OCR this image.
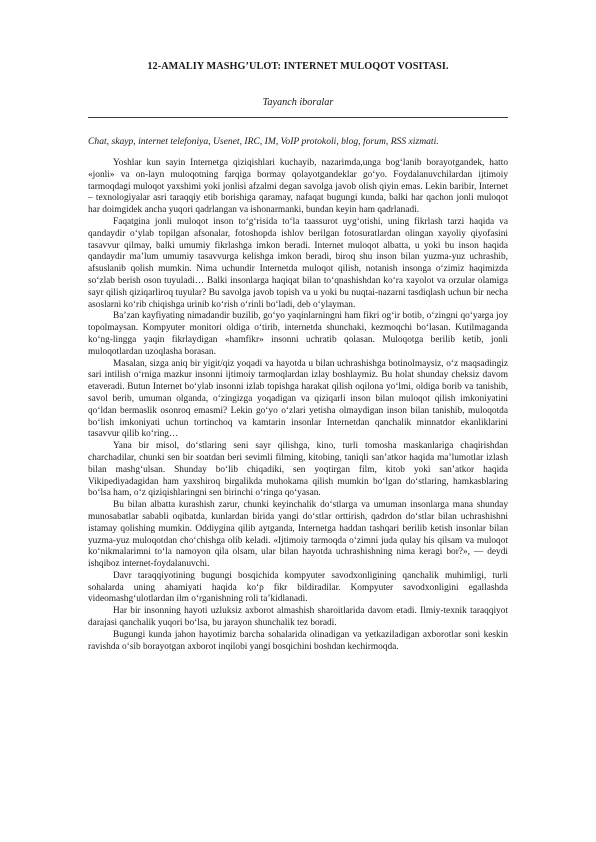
12-AMALIY MASHG’ULOT: INTERNET MULOQOT VOSITASI.
Tayanch iboralar
Chat, skayp, internet telefoniya, Usenet, IRC, IM, VoIP protokoli, blog, forum, RSS xizmati.

Yoshlar kun sayin Internetga qiziqishlari kuchayib, nazarimda,unga bog‘lanib borayotgandek, hatto «jonli» va on-layn muloqotning farqiga bormay qolayotgandeklar go‘yo. Foydalanuvchilardan ijtimoiy tarmoqdagi muloqot yaxshimi yoki jonlisi afzalmi degan savolga javob olish qiyin emas. Lekin baribir, Internet – texnologiyalar asri taraqqiy etib borishiga qaramay, nafaqat bugungi kunda, balki har qachon jonli muloqot har doimgidek ancha yuqori qadrlangan va ishonarmanki, bundan keyin ham qadrlanadi.

Faqatgina jonli muloqot inson to‘g‘risida to‘la taassurot uyg‘otishi, uning fikrlash tarzi haqida va qandaydir o‘ylab topilgan afsonalar, fotoshopda ishlov berilgan fotosuratlardan olingan xayoliy qiyofasini tasavvur qilmay, balki umumiy fikrlashga imkon beradi. Internet muloqot albatta, u yoki bu inson haqida qandaydir ma’lum umumiy tasavvurga kelishga imkon beradi, biroq shu inson bilan yuzma-yuz uchrashib, afsuslanib qolish mumkin. Nima uchundir Internetda muloqot qilish, notanish insonga o‘zimiz haqimizda so‘zlab berish oson tuyuladi… Balki insonlarga haqiqat bilan to‘qnashishdan ko‘ra xayolot va orzular olamiga sayr qilish qiziqarliroq tuyular? Bu savolga javob topish va u yoki bu nuqtai-nazarni tasdiqlash uchun bir necha asoslarni ko‘rib chiqishga urinib ko‘rish o‘rinli bo‘ladi, deb o‘ylayman.

Ba’zan kayfiyating nimadandir buzilib, go‘yo yaqinlarningni ham fikri og‘ir botib, o‘zingni qo‘yarga joy topolmaysan. Kompyuter monitori oldiga o‘tirib, internetda shunchaki, kezmoqchi bo‘lasan. Kutilmaganda ko‘ng-lingga yaqin fikrlaydigan «hamfikr» insonni uchratib qolasan. Muloqotga berilib ketib, jonli muloqotlardan uzoqlasha borasan.

Masalan, sizga aniq bir yigit/qiz yoqadi va hayotda u bilan uchrashishga botinolmaysiz, o‘z maqsadingiz sari intilish o‘rniga mazkur insonni ijtimoiy tarmoqlardan izlay boshlaymiz. Bu holat shunday cheksiz davom etaveradi. Butun Internet bo‘ylab insonni izlab topishga harakat qilish oqilona yo‘lmi, oldiga borib va tanishib, savol berib, umuman olganda, o‘zingizga yoqadigan va qiziqarli inson bilan muloqot qilish imkoniyatini qo‘ldan bermaslik osonroq emasmi? Lekin go‘yo o‘zlari yetisha olmaydigan inson bilan tanishib, muloqotda bo‘lish imkoniyati uchun tortinchoq va kamtarin insonlar Internetdan qanchalik minnatdor ekanliklarini tasavvur qilib ko‘ring…

Yana bir misol, do‘stlaring seni sayr qilishga, kino, turli tomosha maskanlariga chaqirishdan charchadilar, chunki sen bir soatdan beri sevimli filming, kitobing, taniqli san’atkor haqida ma’lumotlar izlash bilan mashg‘ulsan. Shunday bo‘lib chiqadiki, sen yoqtirgan film, kitob yoki san’atkor haqida Vikipediyadagidan ham yaxshiroq birgalikda muhokama qilish mumkin bo‘lgan do‘stlaring, hamkasblaring bo‘lsa ham, o‘z qiziqishlaringni sen birinchi o‘ringa qo‘yasan.

Bu bilan albatta kurashish zarur, chunki keyinchalik do‘stlarga va umuman insonlarga mana shunday munosabatlar sababli oqibatda, kunlardan birida yangi do‘stlar orttirish, qadrdon do‘stlar bilan uchrashishni istamay qolishing mumkin. Oddiygina qilib aytganda, Internetga haddan tashqari berilib ketish insonlar bilan yuzma-yuz muloqotdan cho‘chishga olib keladi. «Ijtimoiy tarmoqda o‘zimni juda qulay his qilsam va muloqot ko‘nikmalarimni to‘la namoyon qila olsam, ular bilan hayotda uchrashishning nima keragi bor?», — deydi ishqiboz internet-foydalanuvchi.

Davr taraqqiyotining bugungi bosqichida kompyuter savodxonligining qanchalik muhimligi, turli sohalarda uning ahamiyati haqida ko‘p fikr bildiradilar. Kompyuter savodxonligini egallashda videomashg‘ulotlardan ilm o‘rganishning roli ta’kidlanadi.

Har bir insonning hayoti uzluksiz axborot almashish sharoitlarida davom etadi. Ilmiy-texnik taraqqiyot darajasi qanchalik yuqori bo‘lsa, bu jarayon shunchalik tez boradi.

Bugungi kunda jahon hayotimiz barcha sohalarida olinadigan va yetkaziladigan axborotlar soni keskin ravishda o‘sib borayotgan axborot inqilobi yangi bosqichini boshdan kechirmoqda.
